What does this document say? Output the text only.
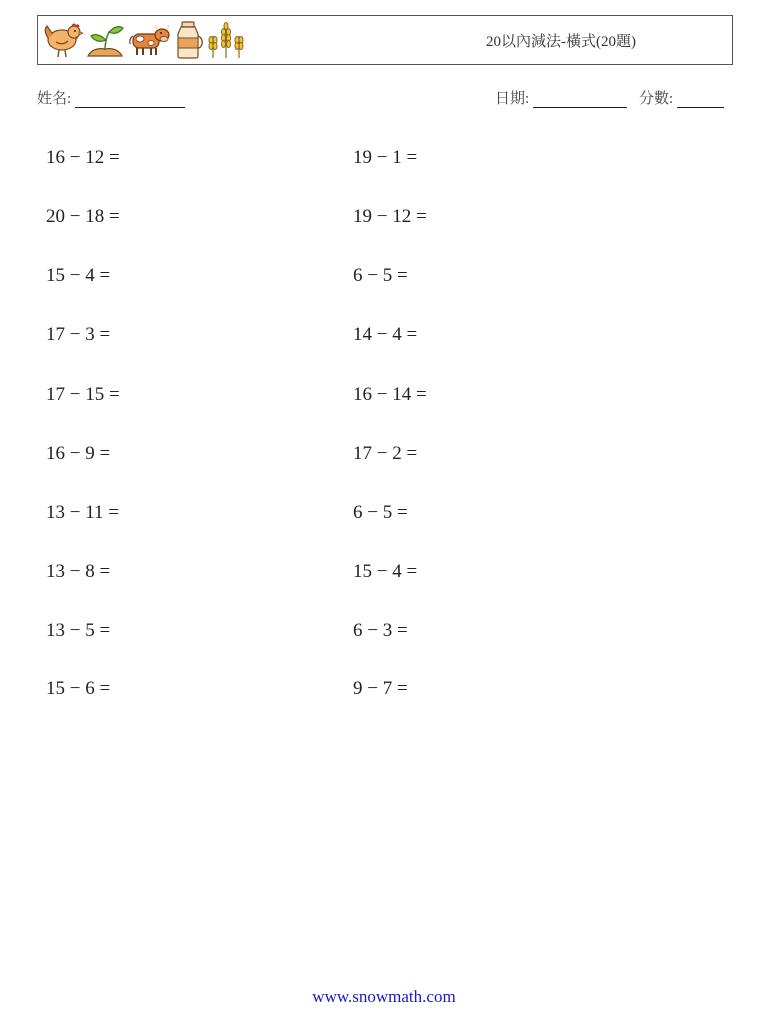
20以內減法-橫式(20題)
姓名:	日期:	分數:
16 − 12 =
20 − 18 =
15 − 4 =
17 − 3 =
17 − 15 =
16 − 9 =
13 − 11 =
13 − 8 =
13 − 5 =
15 − 6 =
19 − 1 =
19 − 12 =
6 − 5 =
14 − 4 =
16 − 14 =
17 − 2 =
6 − 5 =
15 − 4 =
6 − 3 =
9 − 7 =
www.snowmath.com
